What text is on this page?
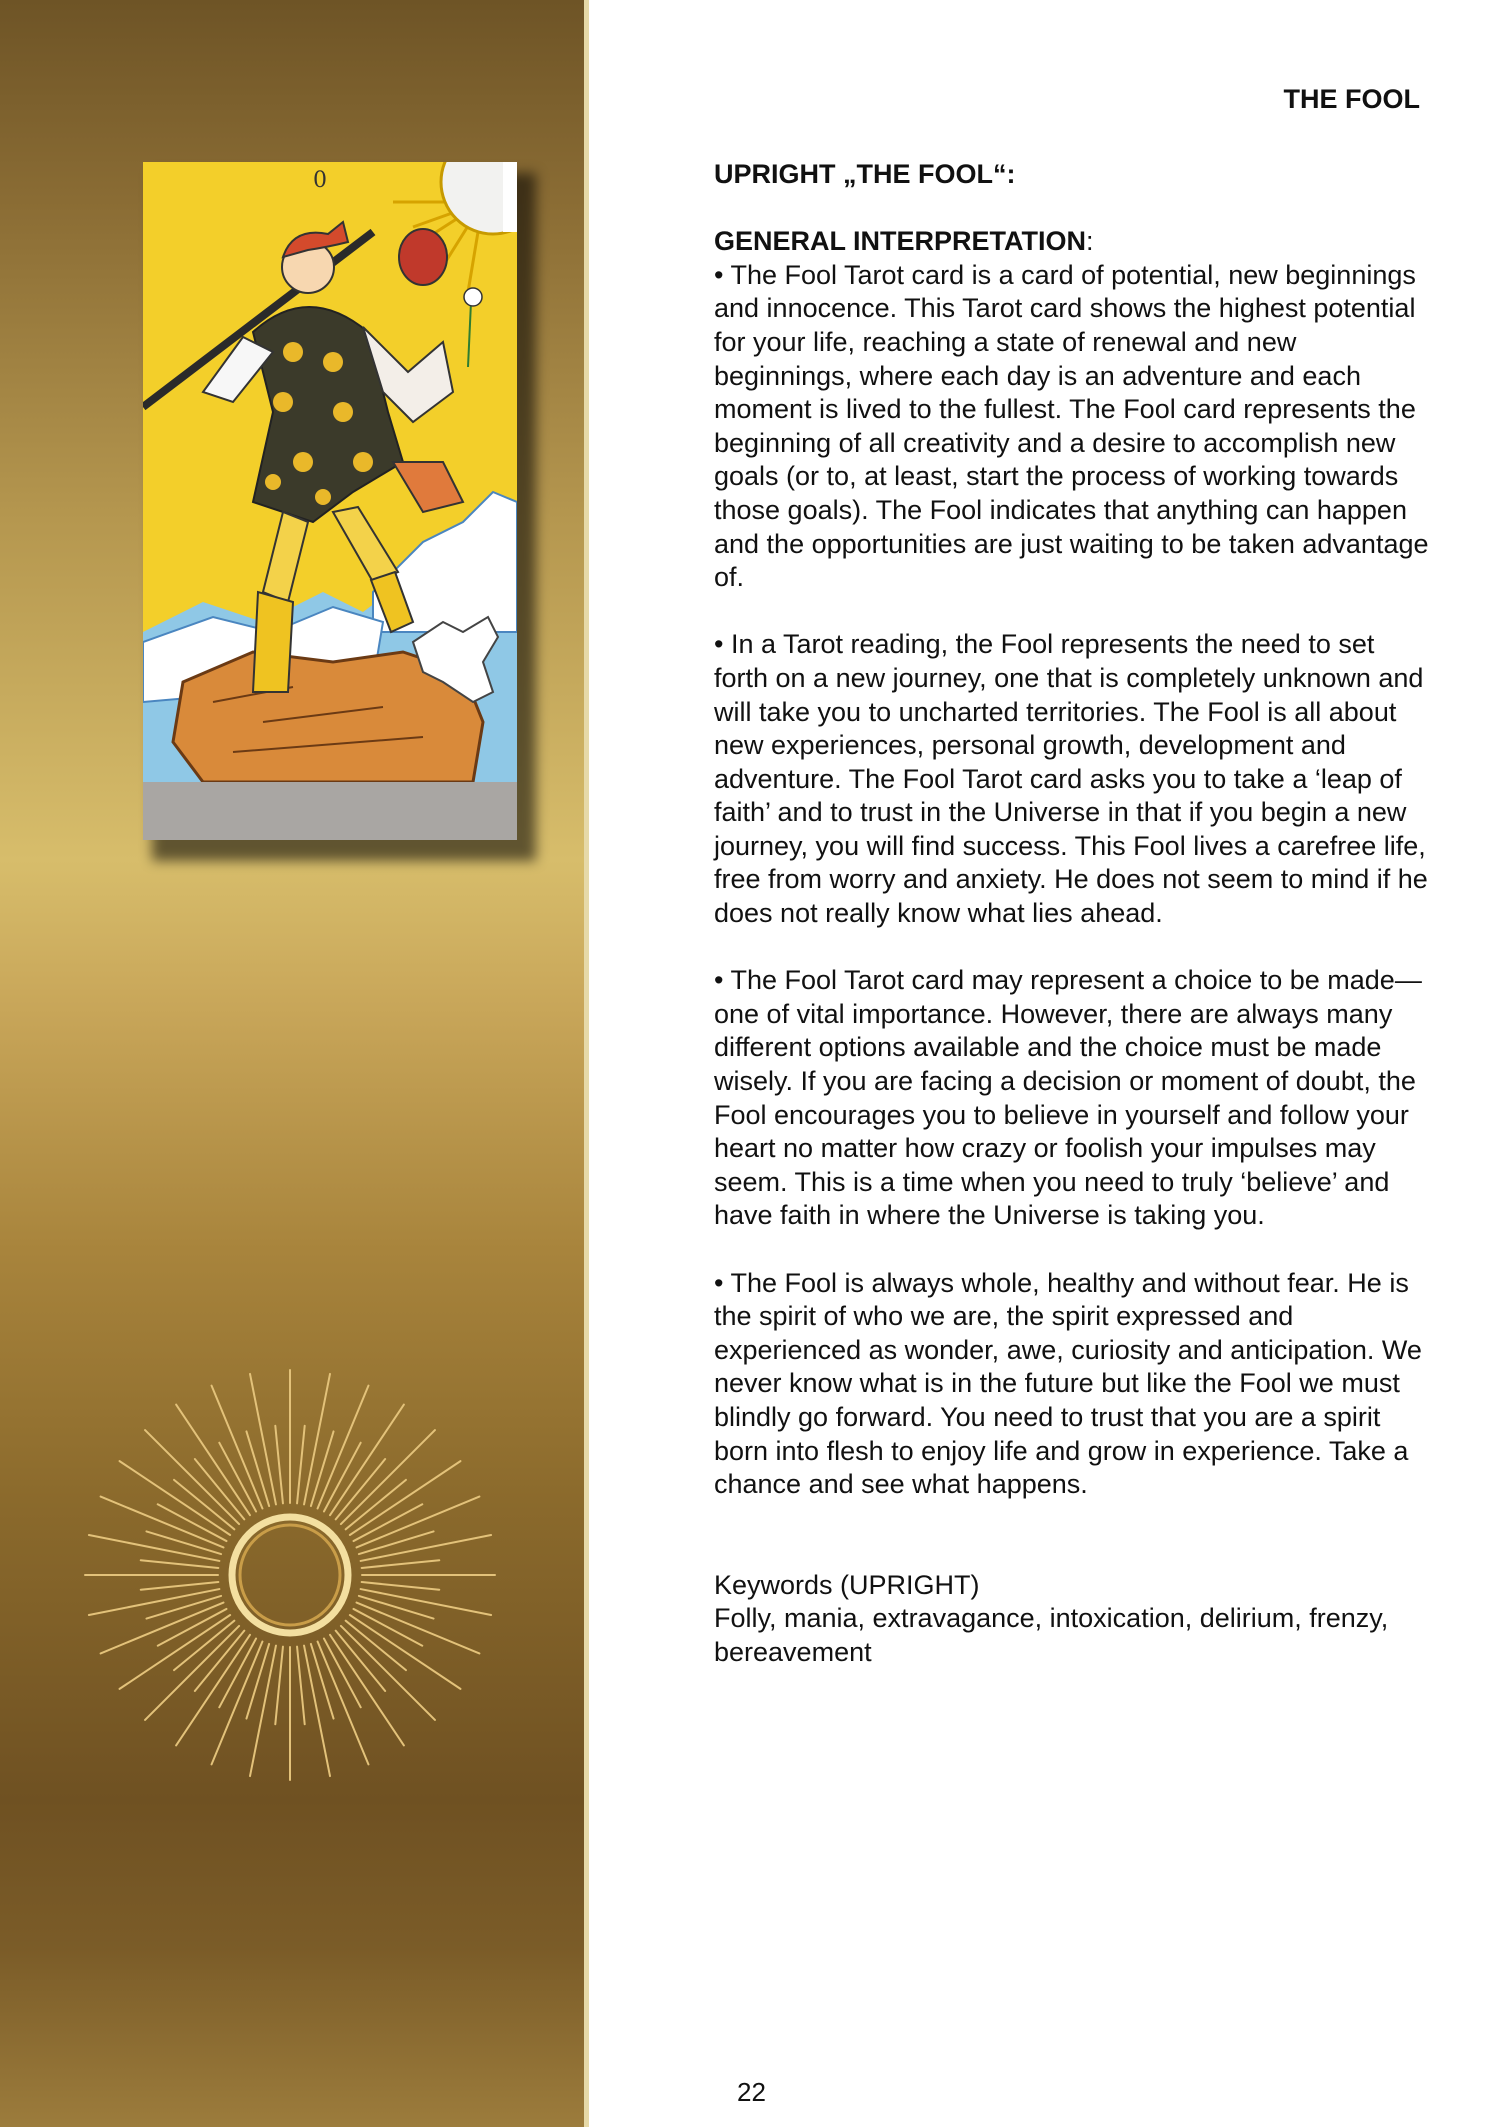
0
THE FOOL

UPRIGHT „THE FOOL“:

GENERAL INTERPRETATION:

• The Fool Tarot card is a card of potential, new beginnings and innocence. This Tarot card shows the highest potential for your life, reaching a state of renewal and new beginnings, where each day is an adventure and each moment is lived to the fullest. The Fool card represents the beginning of all creativity and a desire to accomplish new goals (or to, at least, start the process of working towards those goals). The Fool indicates that anything can happen and the opportunities are just waiting to be taken advantage of.

• In a Tarot reading, the Fool represents the need to set forth on a new journey, one that is completely unknown and will take you to uncharted territories. The Fool is all about new experiences, personal growth, development and adventure. The Fool Tarot card asks you to take a ‘leap of faith’ and to trust in the Universe in that if you begin a new journey, you will find success. This Fool lives a carefree life, free from worry and anxiety. He does not seem to mind if he does not really know what lies ahead.

• The Fool Tarot card may represent a choice to be made—one of vital importance. However, there are always many different options available and the choice must be made wisely. If you are facing a decision or moment of doubt, the Fool encourages you to believe in yourself and follow your heart no matter how crazy or foolish your impulses may seem. This is a time when you need to truly ‘believe’ and have faith in where the Universe is taking you.

• The Fool is always whole, healthy and without fear. He is the spirit of who we are, the spirit expressed and experienced as wonder, awe, curiosity and anticipation. We never know what is in the future but like the Fool we must blindly go forward. You need to trust that you are a spirit born into flesh to enjoy life and grow in experience. Take a chance and see what happens.

Keywords (UPRIGHT)

Folly, mania, extravagance, intoxication, delirium, frenzy, bereavement

22
